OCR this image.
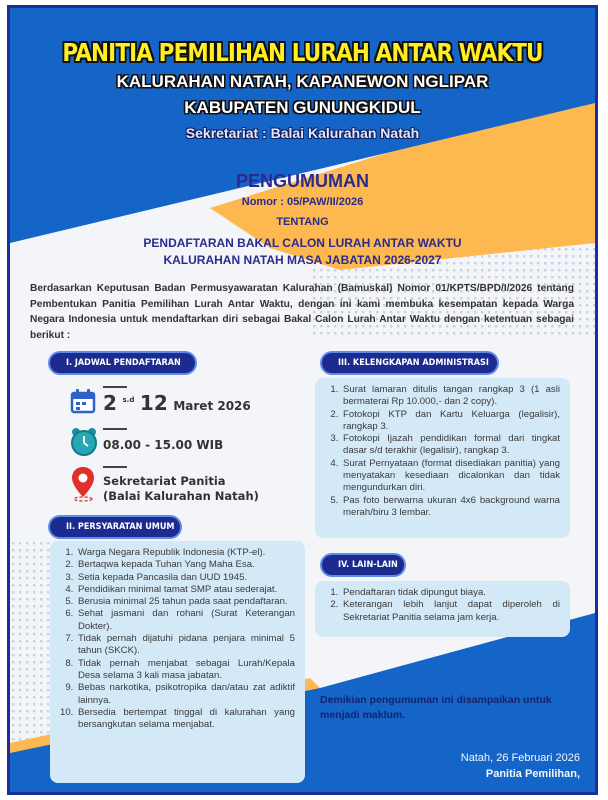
PANITIA PEMILIHAN LURAH ANTAR WAKTU
KALURAHAN NATAH, KAPANEWON NGLIPAR
KABUPATEN GUNUNGKIDUL
Sekretariat : Balai Kalurahan Natah
PENGUMUMAN
Nomor : 05/PAW/II/2026
TENTANG
PENDAFTARAN BAKAL CALON LURAH ANTAR WAKTU
KALURAHAN NATAH MASA JABATAN 2026-2027
Berdasarkan Keputusan Badan Permusyawaratan Kalurahan (Bamuskal) Nomor 01/KPTS/BPD/I/2026 tentang Pembentukan Panitia Pemilihan Lurah Antar Waktu, dengan ini kami membuka kesempatan kepada Warga Negara Indonesia untuk mendaftarkan diri sebagai Bakal Calon Lurah Antar Waktu dengan ketentuan sebagai berikut :
I. JADWAL PENDAFTARAN
2 $^{s.d}$ 12 Maret 2026
08.00 - 15.00 WIB
Sekretariat Panitia
(Balai Kalurahan Natah)
II. PERSYARATAN UMUM
1. Warga Negara Republik Indonesia (KTP-el).
2. Bertaqwa kepada Tuhan Yang Maha Esa.
3. Setia kepada Pancasila dan UUD 1945.
4. Pendidikan minimal tamat SMP atau sederajat.
5. Berusia minimal 25 tahun pada saat pendaftaran.
6. Sehat jasmani dan rohani (Surat Keterangan Dokter).
7. Tidak pernah dijatuhi pidana penjara minimal 5 tahun (SKCK).
8. Tidak pernah menjabat sebagai Lurah/Kepala Desa selama 3 kali masa jabatan.
9. Bebas narkotika, psikotropika dan/atau zat adiktif lainnya.
10. Bersedia bertempat tinggal di kalurahan yang bersangkutan selama menjabat.
III. KELENGKAPAN ADMINISTRASI
1. Surat lamaran ditulis tangan rangkap 3 (1 asli bermaterai Rp 10.000,- dan 2 copy).
2. Fotokopi KTP dan Kartu Keluarga (legalisir), rangkap 3.
3. Fotokopi Ijazah pendidikan formal dari tingkat dasar s/d terakhir (legalisir), rangkap 3.
4. Surat Pernyataan (format disediakan panitia) yang menyatakan kesediaan dicalonkan dan tidak mengundurkan diri.
5. Pas foto berwarna ukuran 4x6 background warna merah/biru 3 lembar.
IV. LAIN-LAIN
1. Pendaftaran tidak dipungut biaya.
2. Keterangan lebih lanjut dapat diperoleh di Sekretariat Panitia selama jam kerja.
Demikian pengumuman ini disampaikan untuk menjadi maklum.
Natah, 26 Februari 2026
Panitia Pemilihan,
